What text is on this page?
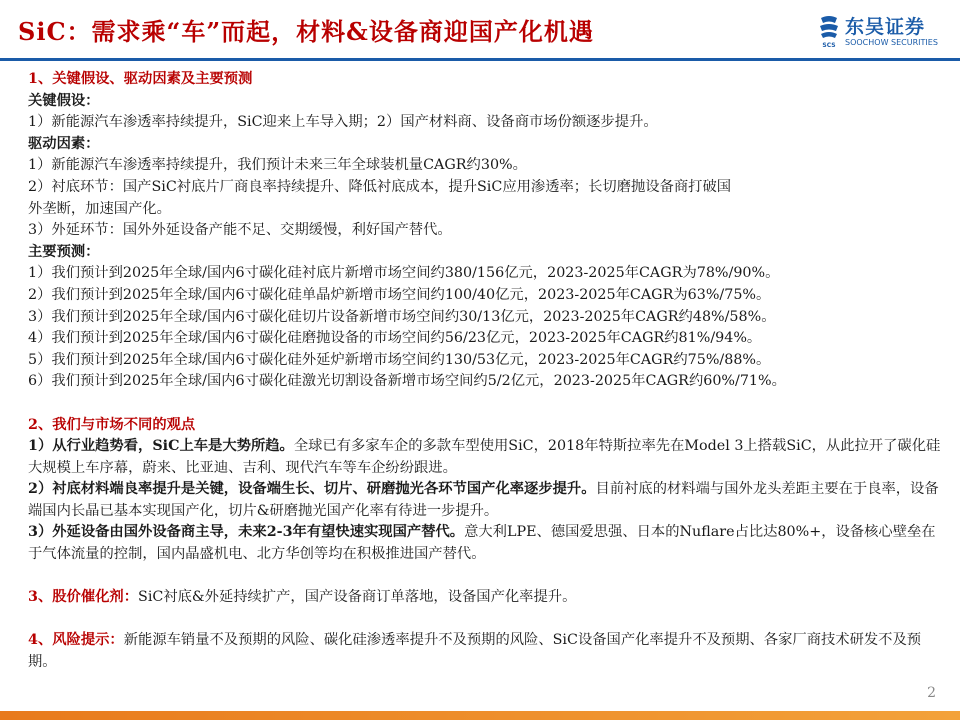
SiC：需求乘“车”而起，材料&设备商迎国产化机遇	SCS
东吴证券
SOOCHOW SECURITIES
1、关键假设、驱动因素及主要预测
关键假设：
1）新能源汽车渗透率持续提升，SiC迎来上车导入期；2）国产材料商、设备商市场份额逐步提升。
驱动因素：
1）新能源汽车渗透率持续提升，我们预计未来三年全球装机量CAGR约30%。
2）衬底环节：国产SiC衬底片厂商良率持续提升、降低衬底成本，提升SiC应用渗透率；长切磨抛设备商打破国
外垄断，加速国产化。
3）外延环节：国外外延设备产能不足、交期缓慢，利好国产替代。
主要预测：
1）我们预计到2025年全球/国内6寸碳化硅衬底片新增市场空间约380/156亿元，2023-2025年CAGR为78%/90%。
2）我们预计到2025年全球/国内6寸碳化硅单晶炉新增市场空间约100/40亿元，2023-2025年CAGR为63%/75%。
3）我们预计到2025年全球/国内6寸碳化硅切片设备新增市场空间约30/13亿元，2023-2025年CAGR约48%/58%。
4）我们预计到2025年全球/国内6寸碳化硅磨抛设备的市场空间约56/23亿元，2023-2025年CAGR约81%/94%。
5）我们预计到2025年全球/国内6寸碳化硅外延炉新增市场空间约130/53亿元，2023-2025年CAGR约75%/88%。
6）我们预计到2025年全球/国内6寸碳化硅激光切割设备新增市场空间约5/2亿元，2023-2025年CAGR约60%/71%。
2、我们与市场不同的观点
1）从行业趋势看，SiC上车是大势所趋。全球已有多家车企的多款车型使用SiC，2018年特斯拉率先在Model 3上搭载SiC，从此拉开了碳化硅大规模上车序幕，蔚来、比亚迪、吉利、现代汽车等车企纷纷跟进。
2）衬底材料端良率提升是关键，设备端生长、切片、研磨抛光各环节国产化率逐步提升。目前衬底的材料端与国外龙头差距主要在于良率，设备端国内长晶已基本实现国产化，切片&研磨抛光国产化率有待进一步提升。
3）外延设备由国外设备商主导，未来2-3年有望快速实现国产替代。意大利LPE、德国爱思强、日本的Nuflare占比达80%+，设备核心壁垒在于气体流量的控制，国内晶盛机电、北方华创等均在积极推进国产替代。
3、股价催化剂：SiC衬底&外延持续扩产，国产设备商订单落地，设备国产化率提升。
4、风险提示：新能源车销量不及预期的风险、碳化硅渗透率提升不及预期的风险、SiC设备国产化率提升不及预期、各家厂商技术研发不及预期。
2
